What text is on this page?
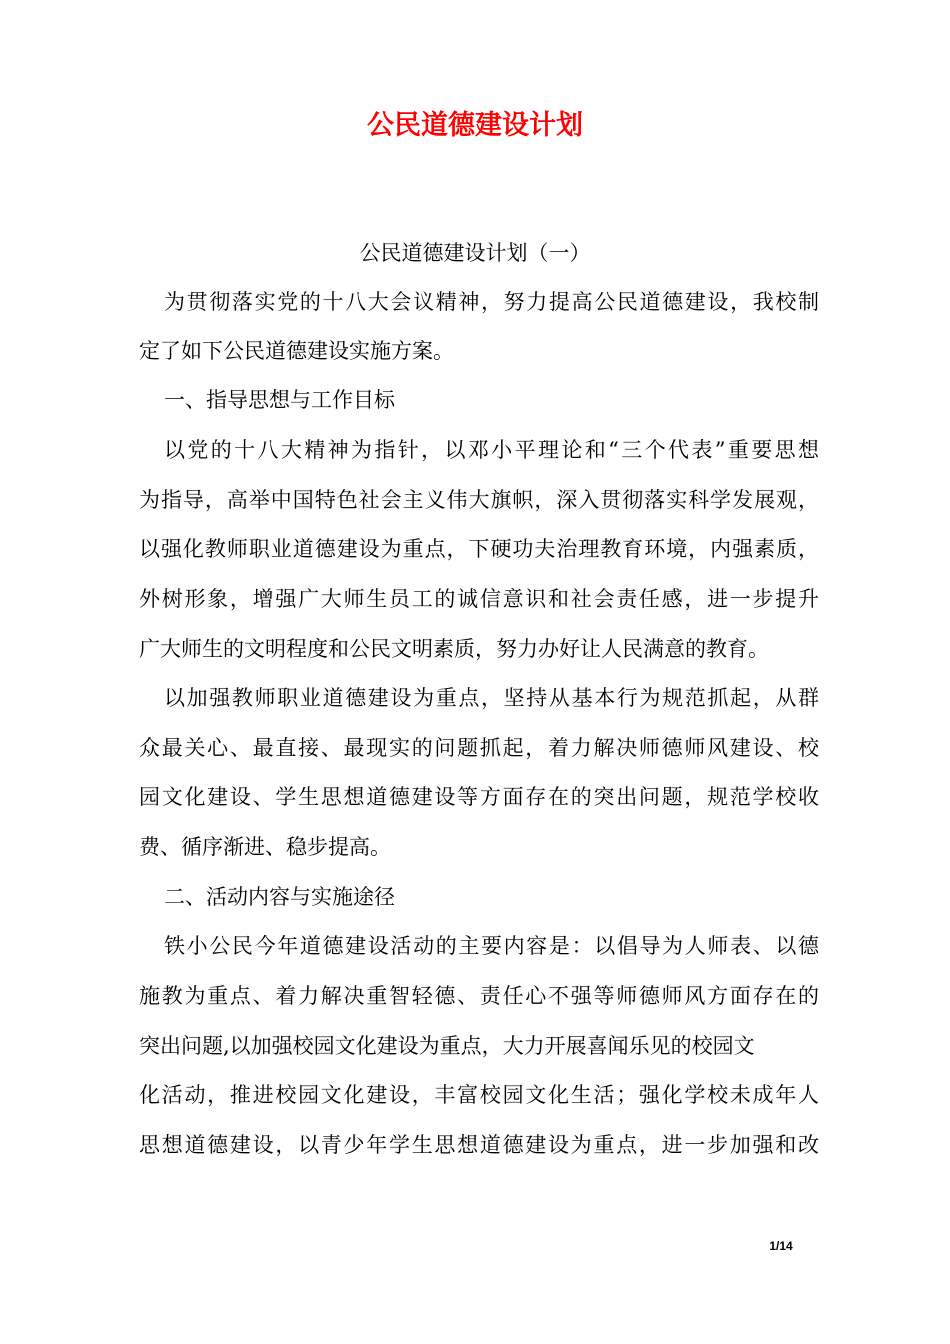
公民道德建设计划

公民道德建设计划（一）

为贯彻落实党的十八大会议精神，努力提高公民道德建设，我校制

定了如下公民道德建设实施方案。

一、指导思想与工作目标

以党的十八大精神为指针，以邓小平理论和“三个代表”重要思想

为指导，高举中国特色社会主义伟大旗帜，深入贯彻落实科学发展观，

以强化教师职业道德建设为重点，下硬功夫治理教育环境，内强素质，

外树形象，增强广大师生员工的诚信意识和社会责任感，进一步提升

广大师生的文明程度和公民文明素质，努力办好让人民满意的教育。

以加强教师职业道德建设为重点，坚持从基本行为规范抓起，从群

众最关心、最直接、最现实的问题抓起，着力解决师德师风建设、校

园文化建设、学生思想道德建设等方面存在的突出问题，规范学校收

费、循序渐进、稳步提高。

二、活动内容与实施途径

铁小公民今年道德建设活动的主要内容是：以倡导为人师表、以德

施教为重点、着力解决重智轻德、责任心不强等师德师风方面存在的

突出问题,以加强校园文化建设为重点，大力开展喜闻乐见的校园文

化活动，推进校园文化建设，丰富校园文化生活；强化学校未成年人

思想道德建设，以青少年学生思想道德建设为重点，进一步加强和改

1/14
